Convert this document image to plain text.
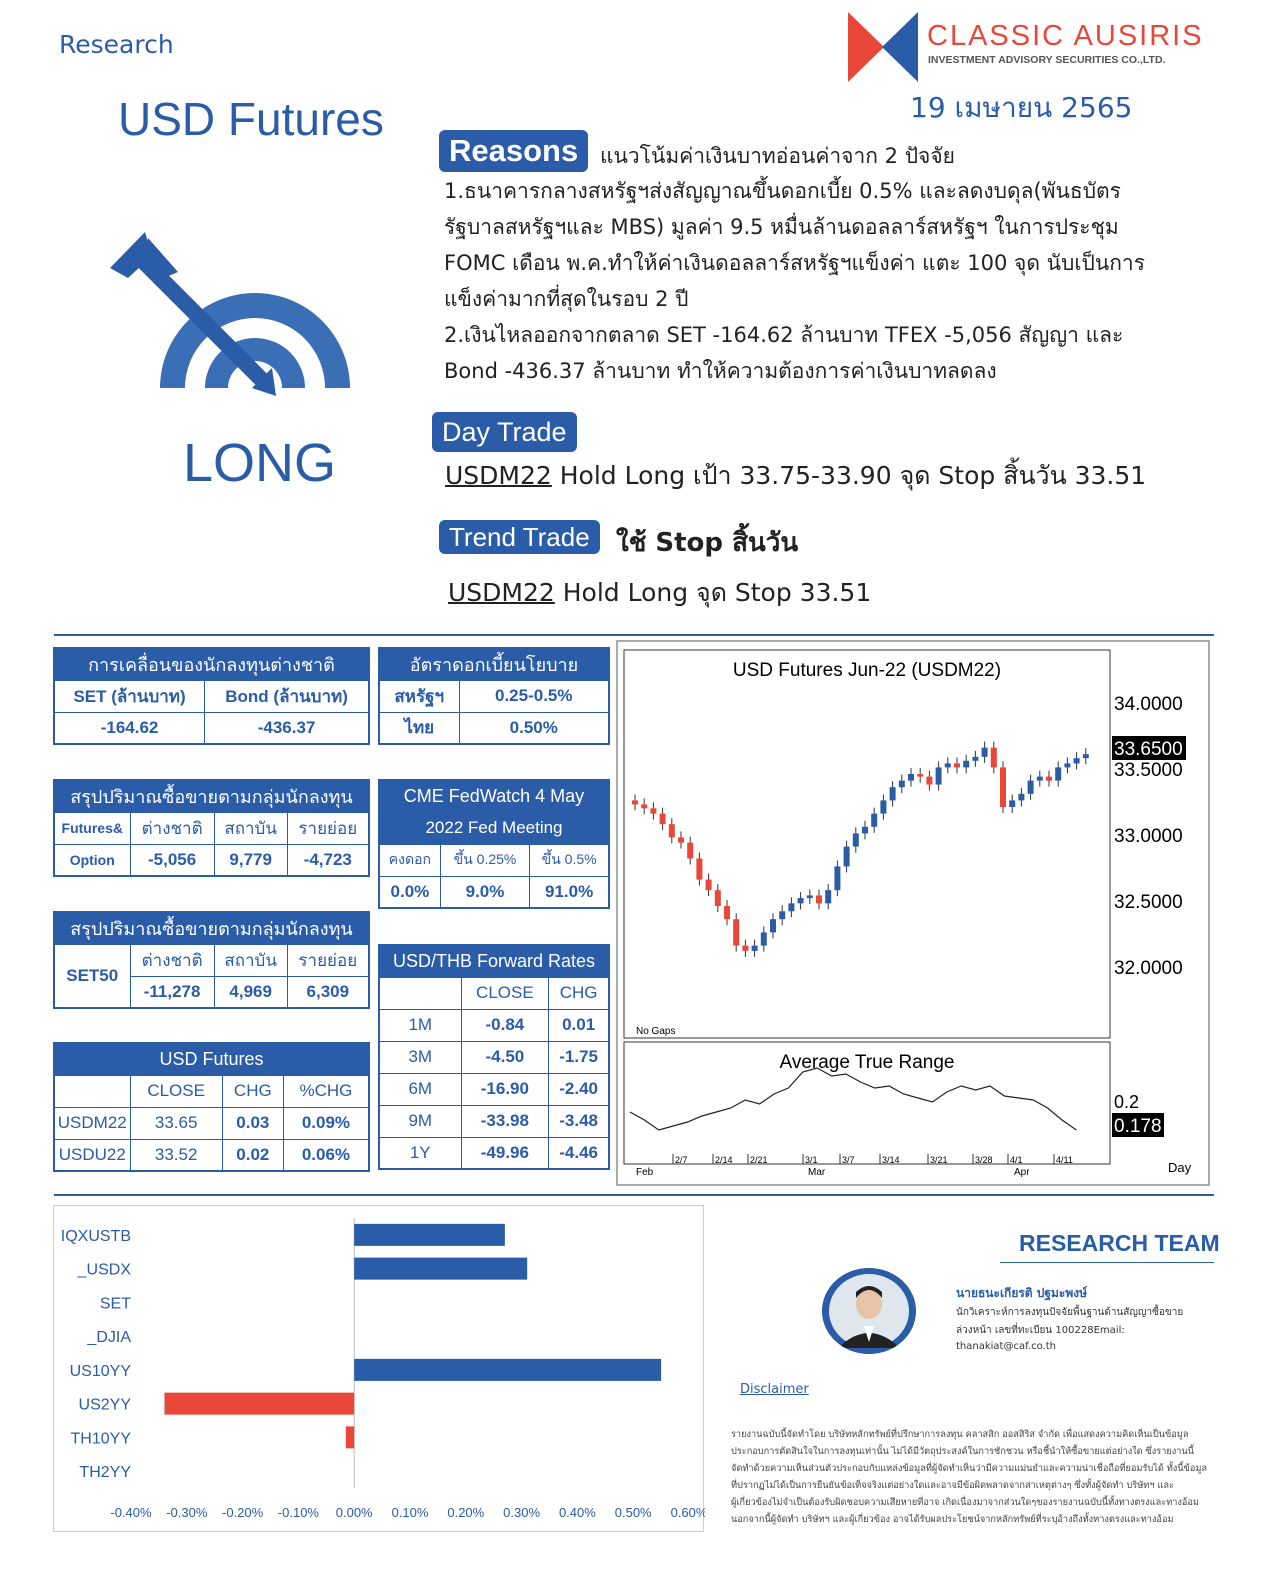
Research
USD Futures
CLASSIC AUSIRIS
INVESTMENT ADVISORY SECURITIES CO.,LTD.
19 เมษายน 2565
LONG
Reasons	แนวโน้มค่าเงินบาทอ่อนค่าจาก 2 ปัจจัย
1.ธนาคารกลางสหรัฐฯส่งสัญญาณขึ้นดอกเบี้ย 0.5% และลดงบดุล(พันธบัตร
รัฐบาลสหรัฐฯและ MBS) มูลค่า 9.5 หมื่นล้านดอลลาร์สหรัฐฯ ในการประชุม
FOMC เดือน พ.ค.ทำให้ค่าเงินดอลลาร์สหรัฐฯแข็งค่า แตะ 100 จุด นับเป็นการ
แข็งค่ามากที่สุดในรอบ 2 ปี
2.เงินไหลออกจากตลาด SET -164.62 ล้านบาท TFEX -5,056 สัญญา และ
Bond -436.37 ล้านบาท ทำให้ความต้องการค่าเงินบาทลดลง
Day Trade
USDM22 Hold Long เป้า 33.75-33.90 จุด Stop สิ้นวัน 33.51
Trend Trade	ใช้ Stop สิ้นวัน
USDM22 Hold Long จุด Stop 33.51
การเคลื่อนของนักลงทุนต่างชาติ	
SET (ล้านบาท)	Bond (ล้านบาท)
-164.62	-436.37
อัตราดอกเบี้ยนโยบาย	
สหรัฐฯ	0.25-0.5%
ไทย	0.50%
สรุปปริมาณซื้อขายตามกลุ่มนักลงทุน			
Futures&	ต่างชาติ	สถาบัน	รายย่อย
Option	-5,056	9,779	-4,723
CME FedWatch 4 May		
2022 Fed Meeting		
คงดอก	ขึ้น 0.25%	ขึ้น 0.5%
0.0%	9.0%	91.0%
สรุปปริมาณซื้อขายตามกลุ่มนักลงทุน			
SET50	ต่างชาติ	สถาบัน	รายย่อย
	-11,278	4,969	6,309
USD/THB Forward Rates		
	CLOSE	CHG
1M	-0.84	0.01
3M	-4.50	-1.75
6M	-16.90	-2.40
9M	-33.98	-3.48
1Y	-49.96	-4.46
USD Futures			
	CLOSE	CHG	%CHG
USDM22	33.65	0.03	0.09%
USDU22	33.52	0.02	0.06%
USD Futures Jun-22 (USDM22)
34.0000
33.5000
33.0000
32.5000
32.0000
33.6500
No Gaps
Average True Range
0.2
0.178
2/7	2/14 2/21	3/1	3/7	3/14	3/21	3/28 4/1	4/11
Feb	Mar	Apr	Day
IQXUSTB
_USDX
SET
_DJIA
US10YY
US2YY
TH10YY
TH2YY
-0.40% -0.30% -0.20% -0.10% 0.00% 0.10% 0.20% 0.30% 0.40% 0.50% 0.60%
RESEARCH TEAM
นายธนะเกียรติ ปฐมะพงษ์
นักวิเคราะห์การลงทุนปัจจัยพื้นฐานด้านสัญญาซื้อขาย
ล่วงหน้า เลขที่ทะเบียน 100228Email:
thanakiat@caf.co.th
Disclaimer
รายงานฉบับนี้จัดทำโดย บริษัทหลักทรัพย์ที่ปรึกษาการลงทุน คลาสสิก ออสสิริส จำกัด เพื่อแสดงความคิดเห็นเป็นข้อมูล
ประกอบการตัดสินใจในการลงทุนเท่านั้น ไม่ได้มีวัตถุประสงค์ในการชักชวน หรือชี้นำให้ซื้อขายแต่อย่างใด ซึ่งรายงานนี้
จัดทำด้วยความเห็นส่วนตัวประกอบกับแหล่งข้อมูลที่ผู้จัดทำเห็นว่ามีความแม่นยำและความน่าเชื่อถือที่ยอมรับได้ ทั้งนี้ข้อมูล
ที่ปรากฏไม่ได้เป็นการยืนยันข้อเท็จจริงแต่อย่างใดและอาจมีข้อผิดพลาดจากสาเหตุต่างๆ ซึ่งทั้งผู้จัดทำ บริษัทฯ และ
ผู้เกี่ยวข้องไม่จำเป็นต้องรับผิดชอบความเสียหายที่อาจ เกิดเนื่องมาจากส่วนใดๆของรายงานฉบับนี้ทั้งทางตรงและทางอ้อม
นอกจากนี้ผู้จัดทำ บริษัทฯ และผู้เกี่ยวข้อง อาจได้รับผลประโยชน์จากหลักทรัพย์ที่ระบุอ้างถึงทั้งทางตรงและทางอ้อม
